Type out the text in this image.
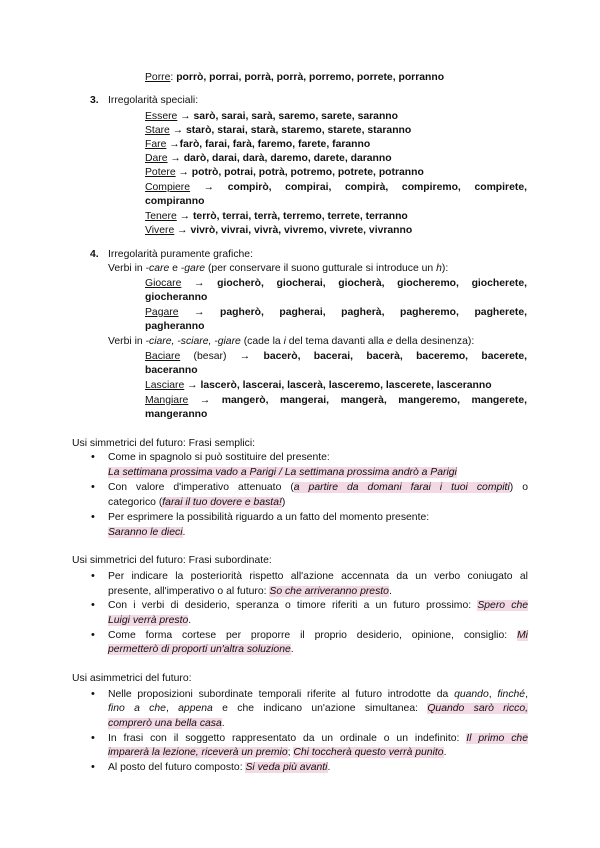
Porre: porrò, porrai, porrà, porrà, porremo, porrete, porranno
3. Irregolarità speciali:
Essere → sarò, sarai, sarà, saremo, sarete, saranno
Stare → starò, starai, starà, staremo, starete, staranno
Fare →farò, farai, farà, faremo, farete, faranno
Dare → darò, darai, darà, daremo, darete, daranno
Potere → potrò, potrai, potrà, potremo, potrete, potranno
Compiere → compirò, compirai, compirà, compiremo, compirete,
compiranno
Tenere → terrò, terrai, terrà, terremo, terrete, terranno
Vivere → vivrò, vivrai, vivrà, vivremo, vivrete, vivranno
4. Irregolarità puramente grafiche:
Verbi in -care e -gare (per conservare il suono gutturale si introduce un h):
Giocare → giocherò, giocherai, giocherà, giocheremo, giocherete,
giocheranno
Pagare → pagherò, pagherai, pagherà, pagheremo, pagherete,
pagheranno
Verbi in -ciare, -sciare, -giare (cade la i del tema davanti alla e della desinenza):
Baciare (besar) → bacerò, bacerai, bacerà, baceremo, bacerete,
baceranno
Lasciare → lascerò, lascerai, lascerà, lasceremo, lascerete, lasceranno
Mangiare → mangerò, mangerai, mangerà, mangeremo, mangerete,
mangeranno
Usi simmetrici del futuro: Frasi semplici:
• Come in spagnolo si può sostituire del presente:
La settimana prossima vado a Parigi / La settimana prossima andrò a Parigi
• Con valore d'imperativo attenuato (a partire da domani farai i tuoi compiti) o
categorico (farai il tuo dovere e basta!)
• Per esprimere la possibilità riguardo a un fatto del momento presente:
Saranno le dieci.
Usi simmetrici del futuro: Frasi subordinate:
• Per indicare la posteriorità rispetto all'azione accennata da un verbo coniugato al
presente, all'imperativo o al futuro: So che arriveranno presto.
• Con i verbi di desiderio, speranza o timore riferiti a un futuro prossimo: Spero che
Luigi verrà presto.
• Come forma cortese per proporre il proprio desiderio, opinione, consiglio: Mi
permetterò di proporti un'altra soluzione.
Usi asimmetrici del futuro:
• Nelle proposizioni subordinate temporali riferite al futuro introdotte da quando, finché,
fino a che, appena e che indicano un'azione simultanea: Quando sarò ricco,
comprerò una bella casa.
• In frasi con il soggetto rappresentato da un ordinale o un indefinito: Il primo che
imparerà la lezione, riceverà un premio; Chi toccherà questo verrà punito.
• Al posto del futuro composto: Si veda più avanti.
